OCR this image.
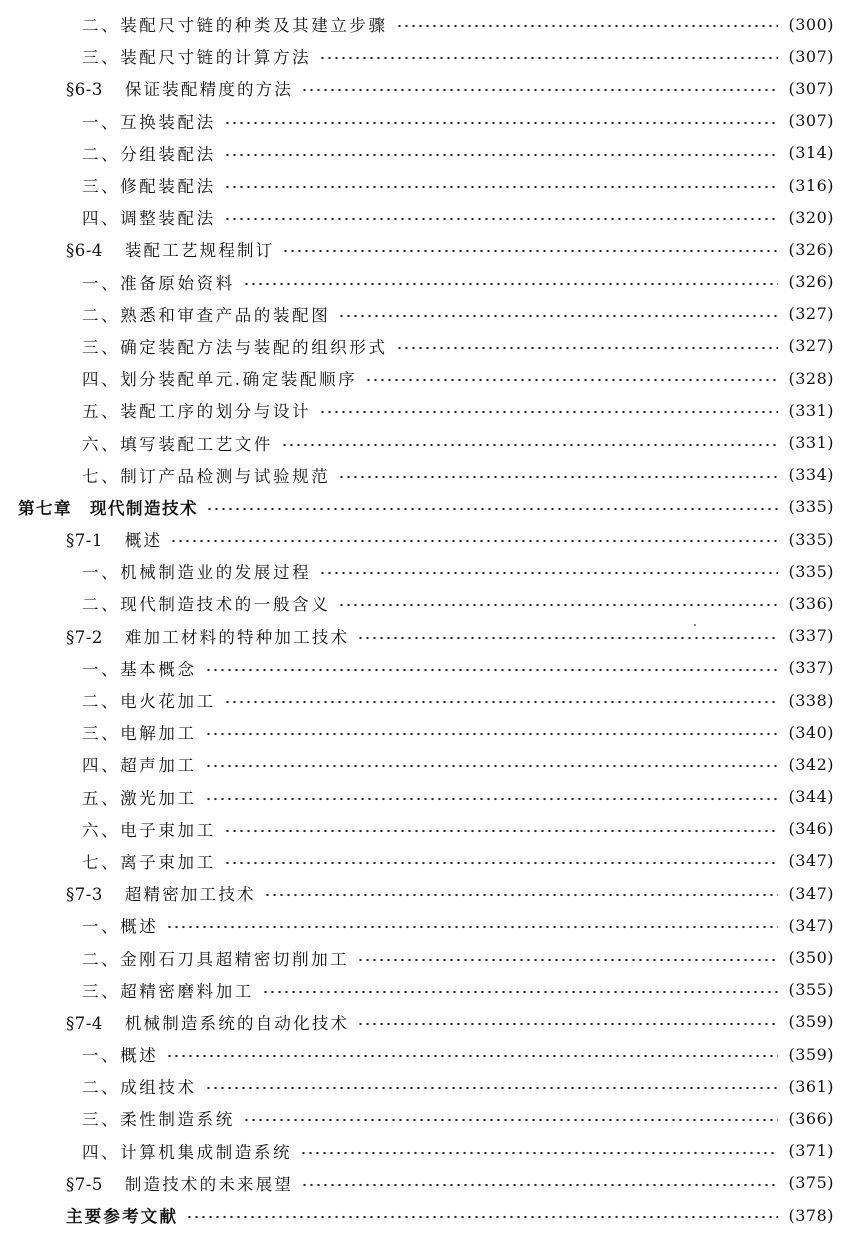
二、装配尺寸链的种类及其建立步骤	(300)
三、装配尺寸链的计算方法	(307)
§6-3 保证装配精度的方法	(307)
一、互换装配法	(307)
二、分组装配法	(314)
三、修配装配法	(316)
四、调整装配法	(320)
§6-4 装配工艺规程制订	(326)
一、准备原始资料	(326)
二、熟悉和审查产品的装配图	(327)
三、确定装配方法与装配的组织形式	(327)
四、划分装配单元.确定装配顺序	(328)
五、装配工序的划分与设计	(331)
六、填写装配工艺文件	(331)
七、制订产品检测与试验规范	(334)
第七章　现代制造技术	(335)
§7-1 概述	(335)
一、机械制造业的发展过程	(335)
二、现代制造技术的一般含义	(336)
§7-2 难加工材料的特种加工技术	(337)
一、基本概念	(337)
二、电火花加工	(338)
三、电解加工	(340)
四、超声加工	(342)
五、激光加工	(344)
六、电子束加工	(346)
七、离子束加工	(347)
§7-3 超精密加工技术	(347)
一、概述	(347)
二、金刚石刀具超精密切削加工	(350)
三、超精密磨料加工	(355)
§7-4 机械制造系统的自动化技术	(359)
一、概述	(359)
二、成组技术	(361)
三、柔性制造系统	(366)
四、计算机集成制造系统	(371)
§7-5 制造技术的未来展望	(375)
主要参考文献	(378)
